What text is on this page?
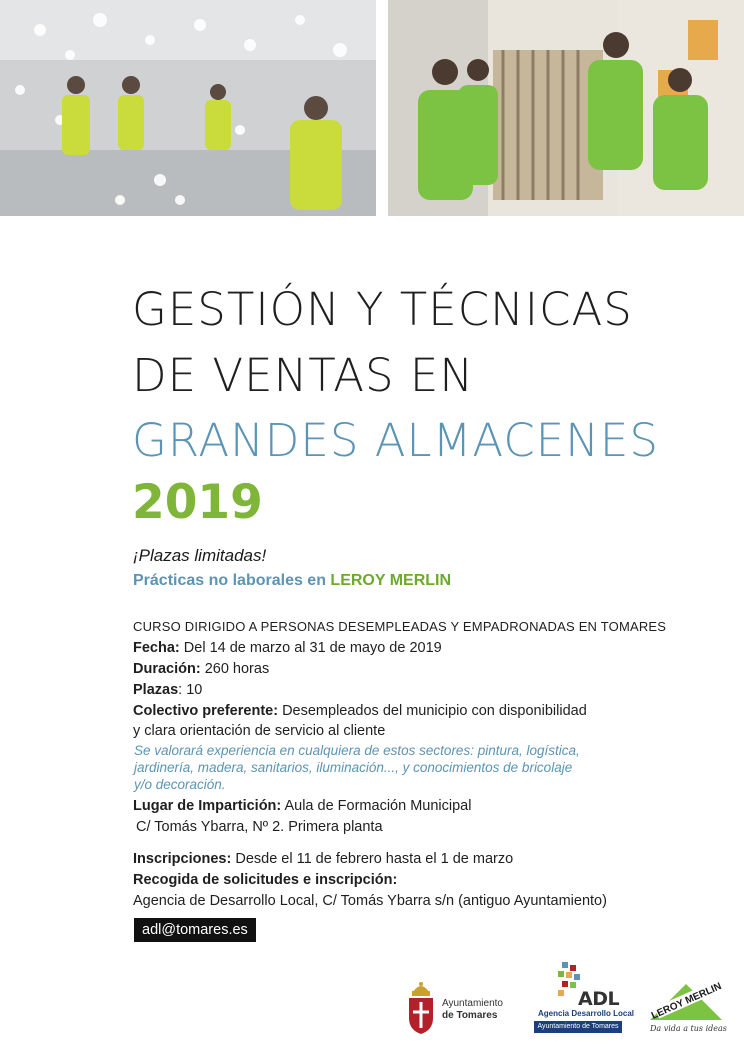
GESTIÓN Y TÉCNICAS
DE VENTAS EN
GRANDES ALMACENES
2019
¡Plazas limitadas!
Prácticas no laborales en LEROY MERLIN
CURSO DIRIGIDO A PERSONAS DESEMPLEADAS Y EMPADRONADAS EN TOMARES
Fecha: Del 14 de marzo al 31 de mayo de 2019
Duración: 260 horas
Plazas: 10
Colectivo preferente: Desempleados del municipio con disponibilidad
y clara orientación de servicio al cliente
Se valorará experiencia en cualquiera de estos sectores: pintura, logística,
jardinería, madera, sanitarios, iluminación..., y conocimientos de bricolaje
y/o decoración.
Lugar de Impartición: Aula de Formación Municipal
C/ Tomás Ybarra, Nº 2. Primera planta
Inscripciones: Desde el 11 de febrero hasta el 1 de marzo
Recogida de solicitudes e inscripción:
Agencia de Desarrollo Local, C/ Tomás Ybarra s/n (antiguo Ayuntamiento)
adl@tomares.es
Ayuntamiento
de Tomares
ADL
Agencia Desarrollo Local
Ayuntamiento de Tomares
LEROY MERLIN
Da vida a tus ideas
